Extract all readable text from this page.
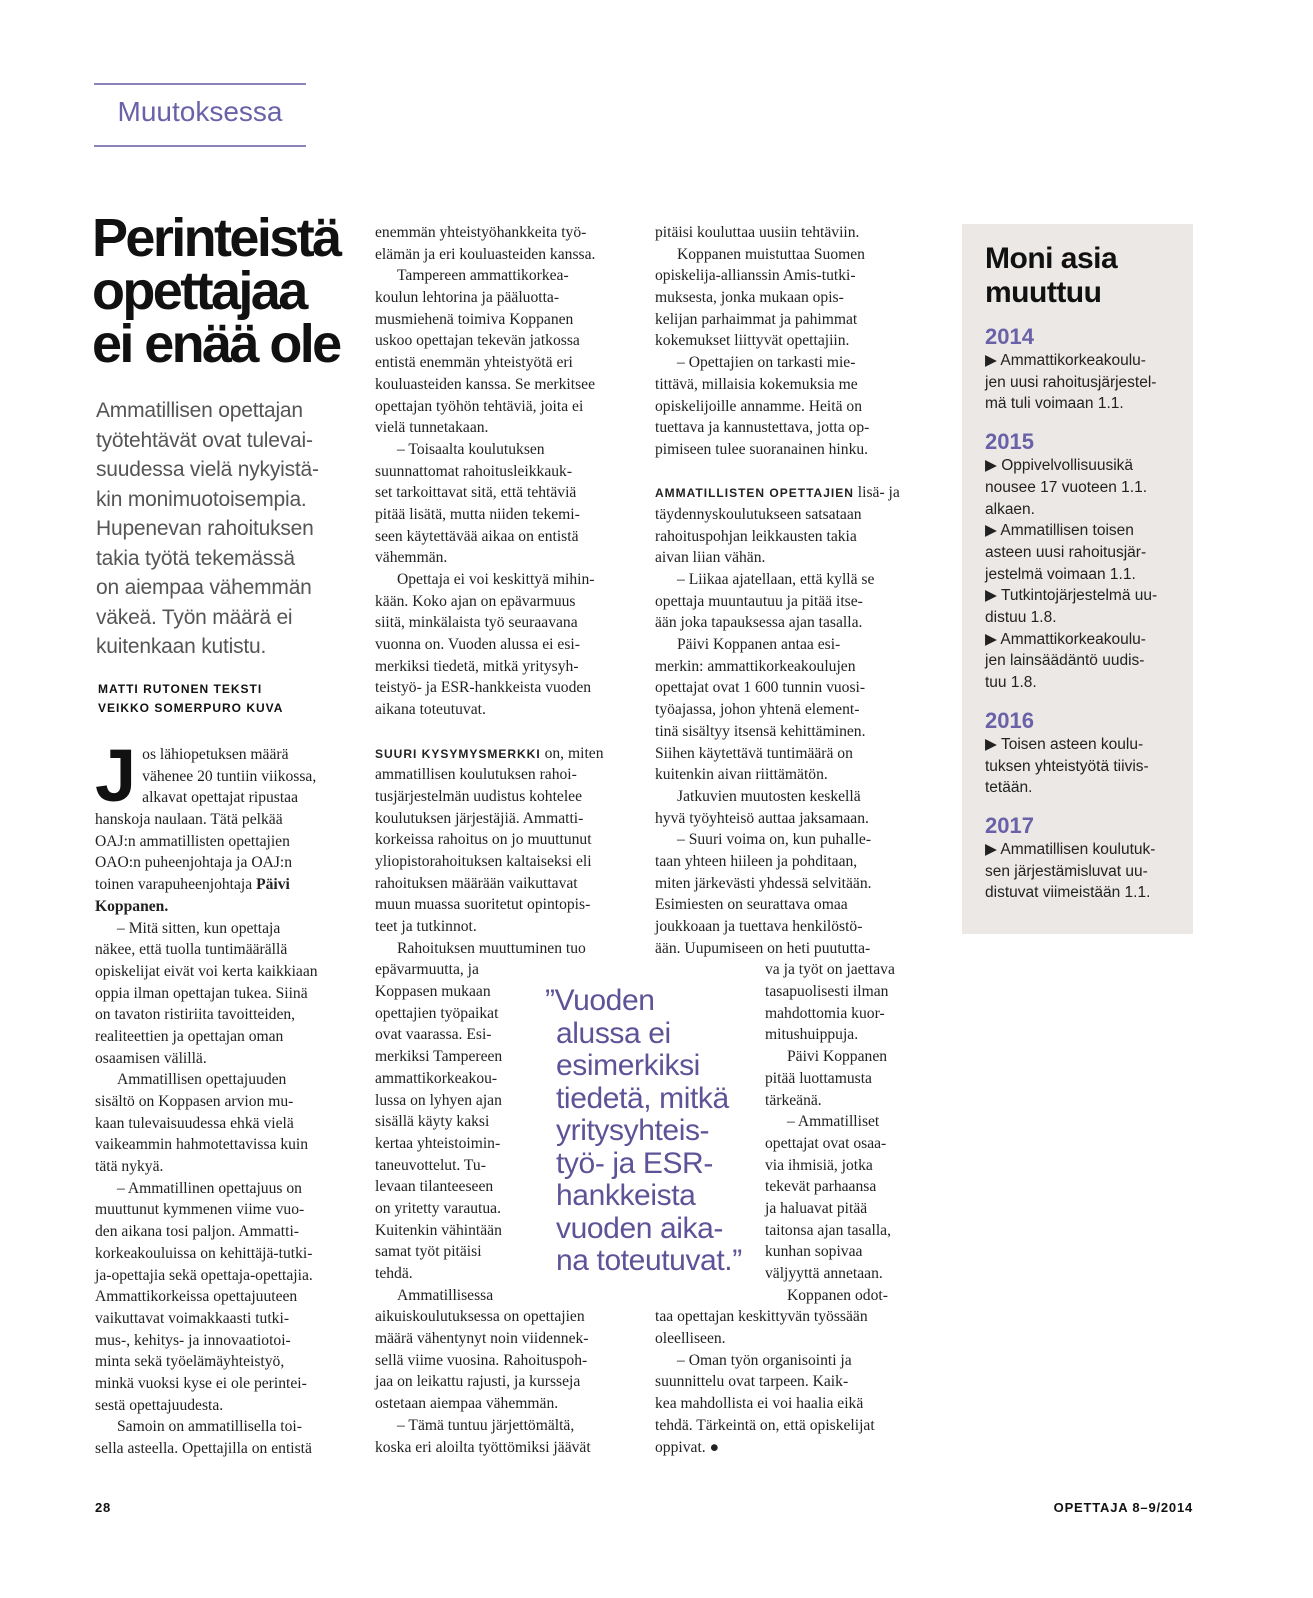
Muutoksessa
Perinteistä
opettajaa
ei enää ole
Ammatillisen opettajan
työtehtävät ovat tulevai-
suudessa vielä nykyistä-
kin monimuotoisempia.
Hupenevan rahoituksen
takia työtä tekemässä
on aiempaa vähemmän
väkeä. Työn määrä ei
kuitenkaan kutistu.
MATTI RUTONEN TEKSTI
VEIKKO SOMERPURO KUVA
J os lähiopetuksen määrä
vähenee 20 tuntiin viikossa,
alkavat opettajat ripustaa
hanskoja naulaan. Tätä pelkää
OAJ:n ammatillisten opettajien
OAO:n puheenjohtaja ja OAJ:n
toinen varapuheenjohtaja Päivi
Koppanen.
– Mitä sitten, kun opettaja
näkee, että tuolla tuntimäärällä
opiskelijat eivät voi kerta kaikkiaan
oppia ilman opettajan tukea. Siinä
on tavaton ristiriita tavoitteiden,
realiteettien ja opettajan oman
osaamisen välillä.
Ammatillisen opettajuuden
sisältö on Koppasen arvion mu-
kaan tulevaisuudessa ehkä vielä
vaikeammin hahmotettavissa kuin
tätä nykyä.
– Ammatillinen opettajuus on
muuttunut kymmenen viime vuo-
den aikana tosi paljon. Ammatti-
korkeakouluissa on kehittäjä-tutki-
ja-opettajia sekä opettaja-opettajia.
Ammattikorkeissa opettajuuteen
vaikuttavat voimakkaasti tutki-
mus-, kehitys- ja innovaatiotoi-
minta sekä työelämäyhteistyö,
minkä vuoksi kyse ei ole perintei-
sestä opettajuudesta.
Samoin on ammatillisella toi-
sella asteella. Opettajilla on entistä
enemmän yhteistyöhankkeita työ-
elämän ja eri kouluasteiden kanssa.
Tampereen ammattikorkea-
koulun lehtorina ja pääluotta-
musmiehenä toimiva Koppanen
uskoo opettajan tekevän jatkossa
entistä enemmän yhteistyötä eri
kouluasteiden kanssa. Se merkitsee
opettajan työhön tehtäviä, joita ei
vielä tunnetakaan.
– Toisaalta koulutuksen
suunnattomat rahoitusleikkauk-
set tarkoittavat sitä, että tehtäviä
pitää lisätä, mutta niiden tekemi-
seen käytettävää aikaa on entistä
vähemmän.
Opettaja ei voi keskittyä mihin-
kään. Koko ajan on epävarmuus
siitä, minkälaista työ seuraavana
vuonna on. Vuoden alussa ei esi-
merkiksi tiedetä, mitkä yritysyh-
teistyö- ja ESR-hankkeista vuoden
aikana toteutuvat.
SUURI KYSYMYSMERKKI on, miten
ammatillisen koulutuksen rahoi-
tusjärjestelmän uudistus kohtelee
koulutuksen järjestäjiä. Ammatti-
korkeissa rahoitus on jo muuttunut
yliopistorahoituksen kaltaiseksi eli
rahoituksen määrään vaikuttavat
muun muassa suoritetut opintopis-
teet ja tutkinnot.
Rahoituksen muuttuminen tuo
epävarmuutta, ja
Koppasen mukaan
opettajien työpaikat
ovat vaarassa. Esi-
merkiksi Tampereen
ammattikorkeakou-
lussa on lyhyen ajan
sisällä käyty kaksi
kertaa yhteistoimin-
taneuvottelut. Tu-
levaan tilanteeseen
on yritetty varautua.
Kuitenkin vähintään
samat työt pitäisi
tehdä.
Ammatillisessa
aikuiskoulutuksessa on opettajien
määrä vähentynyt noin viidennek-
sellä viime vuosina. Rahoituspoh-
jaa on leikattu rajusti, ja kursseja
ostetaan aiempaa vähemmän.
– Tämä tuntuu järjettömältä,
koska eri aloilta työttömiksi jäävät
pitäisi kouluttaa uusiin tehtäviin.
Koppanen muistuttaa Suomen
opiskelija-allianssin Amis-tutki-
muksesta, jonka mukaan opis-
kelijan parhaimmat ja pahimmat
kokemukset liittyvät opettajiin.
– Opettajien on tarkasti mie-
tittävä, millaisia kokemuksia me
opiskelijoille annamme. Heitä on
tuettava ja kannustettava, jotta op-
pimiseen tulee suoranainen hinku.
AMMATILLISTEN OPETTAJIEN lisä- ja
täydennyskoulutukseen satsataan
rahoituspohjan leikkausten takia
aivan liian vähän.
– Liikaa ajatellaan, että kyllä se
opettaja muuntautuu ja pitää itse-
ään joka tapauksessa ajan tasalla.
Päivi Koppanen antaa esi-
merkin: ammattikorkeakoulujen
opettajat ovat 1 600 tunnin vuosi-
työajassa, johon yhtenä element-
tinä sisältyy itsensä kehittäminen.
Siihen käytettävä tuntimäärä on
kuitenkin aivan riittämätön.
Jatkuvien muutosten keskellä
hyvä työyhteisö auttaa jaksamaan.
– Suuri voima on, kun puhalle-
taan yhteen hiileen ja pohditaan,
miten järkevästi yhdessä selvitään.
Esimiesten on seurattava omaa
joukkoaan ja tuettava henkilöstö-
ään. Uupumiseen on heti puututta-
va ja työt on jaettava
tasapuolisesti ilman
mahdottomia kuor-
mitushuippuja.
Päivi Koppanen
pitää luottamusta
tärkeänä.
– Ammatilliset
opettajat ovat osaa-
via ihmisiä, jotka
tekevät parhaansa
ja haluavat pitää
taitonsa ajan tasalla,
kunhan sopivaa
väljyyttä annetaan.
Koppanen odot-
taa opettajan keskittyvän työssään
oleelliseen.
– Oman työn organisointi ja
suunnittelu ovat tarpeen. Kaik-
kea mahdollista ei voi haalia eikä
tehdä. Tärkeintä on, että opiskelijat
oppivat. ●
”Vuoden
alussa ei
esimerkiksi
tiedetä, mitkä
yritysyhteis-
työ- ja ESR-
hankkeista
vuoden aika-
na toteutuvat.”
Moni asia
muuttuu
2014
▶ Ammattikorkeakoulu-
jen uusi rahoitusjärjestel-
mä tuli voimaan 1.1.
2015
▶ Oppivelvollisuusikä
nousee 17 vuoteen 1.1.
alkaen.
▶ Ammatillisen toisen
asteen uusi rahoitusjär-
jestelmä voimaan 1.1.
▶ Tutkintojärjestelmä uu-
distuu 1.8.
▶ Ammattikorkeakoulu-
jen lainsäädäntö uudis-
tuu 1.8.
2016
▶ Toisen asteen koulu-
tuksen yhteistyötä tiivis-
tetään.
2017
▶ Ammatillisen koulutuk-
sen järjestämisluvat uu-
distuvat viimeistään 1.1.
28	OPETTAJA 8–9/2014
